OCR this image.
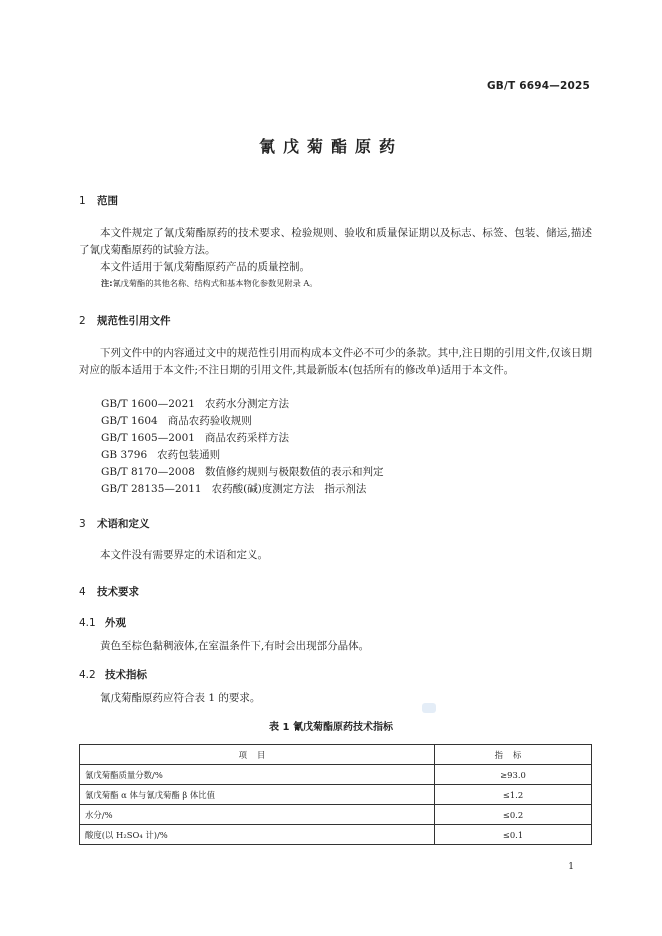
GB/T 6694—2025
氰戊菊酯原药
1 范围
本文件规定了氰戊菊酯原药的技术要求、检验规则、验收和质量保证期以及标志、标签、包装、储运,描述了氰戊菊酯原药的试验方法。
本文件适用于氰戊菊酯原药产品的质量控制。
注:氰戊菊酯的其他名称、结构式和基本物化参数见附录 A。
2 规范性引用文件
下列文件中的内容通过文中的规范性引用而构成本文件必不可少的条款。其中,注日期的引用文件,仅该日期对应的版本适用于本文件;不注日期的引用文件,其最新版本(包括所有的修改单)适用于本文件。
GB/T 1600—2021   农药水分测定方法
GB/T 1604   商品农药验收规则
GB/T 1605—2001   商品农药采样方法
GB 3796   农药包装通则
GB/T 8170—2008   数值修约规则与极限数值的表示和判定
GB/T 28135—2011   农药酸(碱)度测定方法   指示剂法
3 术语和定义
本文件没有需要界定的术语和定义。
4 技术要求
4.1 外观
黄色至棕色黏稠液体,在室温条件下,有时会出现部分晶体。
4.2 技术指标
氰戊菊酯原药应符合表 1 的要求。
表 1 氰戊菊酯原药技术指标
项目	指标
氰戊菊酯质量分数/%	≥93.0
氰戊菊酯 α 体与氰戊菊酯 β 体比值	≤1.2
水分/%	≤0.2
酸度(以 H₂SO₄ 计)/%	≤0.1
1
